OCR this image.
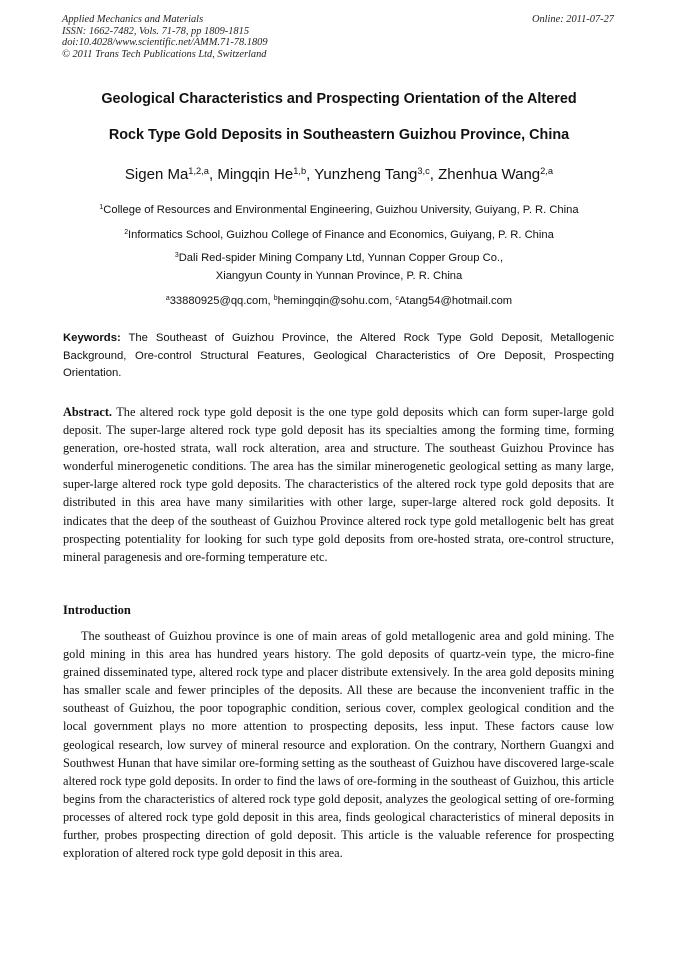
Applied Mechanics and Materials
ISSN: 1662-7482, Vols. 71-78, pp 1809-1815
doi:10.4028/www.scientific.net/AMM.71-78.1809
© 2011 Trans Tech Publications Ltd, Switzerland
Online: 2011-07-27
Geological Characteristics and Prospecting Orientation of the Altered
Rock Type Gold Deposits in Southeastern Guizhou Province, China
Sigen Ma$^{1,2,a}$, Mingqin He$^{1,b}$, Yunzheng Tang$^{3,c}$, Zhenhua Wang$^{2,a}$
$^1$College of Resources and Environmental Engineering, Guizhou University, Guiyang, P. R. China
$^2$Informatics School, Guizhou College of Finance and Economics, Guiyang, P. R. China
$^3$Dali Red-spider Mining Company Ltd, Yunnan Copper Group Co.,
Xiangyun County in Yunnan Province, P. R. China
$^a$33880925@qq.com, $^b$hemingqin@sohu.com, $^c$Atang54@hotmail.com
Keywords: The Southeast of Guizhou Province, the Altered Rock Type Gold Deposit, Metallogenic Background, Ore-control Structural Features, Geological Characteristics of Ore Deposit, Prospecting Orientation.
Abstract. The altered rock type gold deposit is the one type gold deposits which can form super-large gold deposit. The super-large altered rock type gold deposit has its specialties among the forming time, forming generation, ore-hosted strata, wall rock alteration, area and structure. The southeast Guizhou Province has wonderful minerogenetic conditions. The area has the similar minerogenetic geological setting as many large, super-large altered rock type gold deposits. The characteristics of the altered rock type gold deposits that are distributed in this area have many similarities with other large, super-large altered rock gold deposits. It indicates that the deep of the southeast of Guizhou Province altered rock type gold metallogenic belt has great prospecting potentiality for looking for such type gold deposits from ore-hosted strata, ore-control structure, mineral paragenesis and ore-forming temperature etc.
Introduction
The southeast of Guizhou province is one of main areas of gold metallogenic area and gold mining. The gold mining in this area has hundred years history. The gold deposits of quartz-vein type, the micro-fine grained disseminated type, altered rock type and placer distribute extensively. In the area gold deposits mining has smaller scale and fewer principles of the deposits. All these are because the inconvenient traffic in the southeast of Guizhou, the poor topographic condition, serious cover, complex geological condition and the local government plays no more attention to prospecting deposits, less input. These factors cause low geological research, low survey of mineral resource and exploration. On the contrary, Northern Guangxi and Southwest Hunan that have similar ore-forming setting as the southeast of Guizhou have discovered large-scale altered rock type gold deposits. In order to find the laws of ore-forming in the southeast of Guizhou, this article begins from the characteristics of altered rock type gold deposit, analyzes the geological setting of ore-forming processes of altered rock type gold deposit in this area, finds geological characteristics of mineral deposits in further, probes prospecting direction of gold deposit. This article is the valuable reference for prospecting exploration of altered rock type gold deposit in this area.
